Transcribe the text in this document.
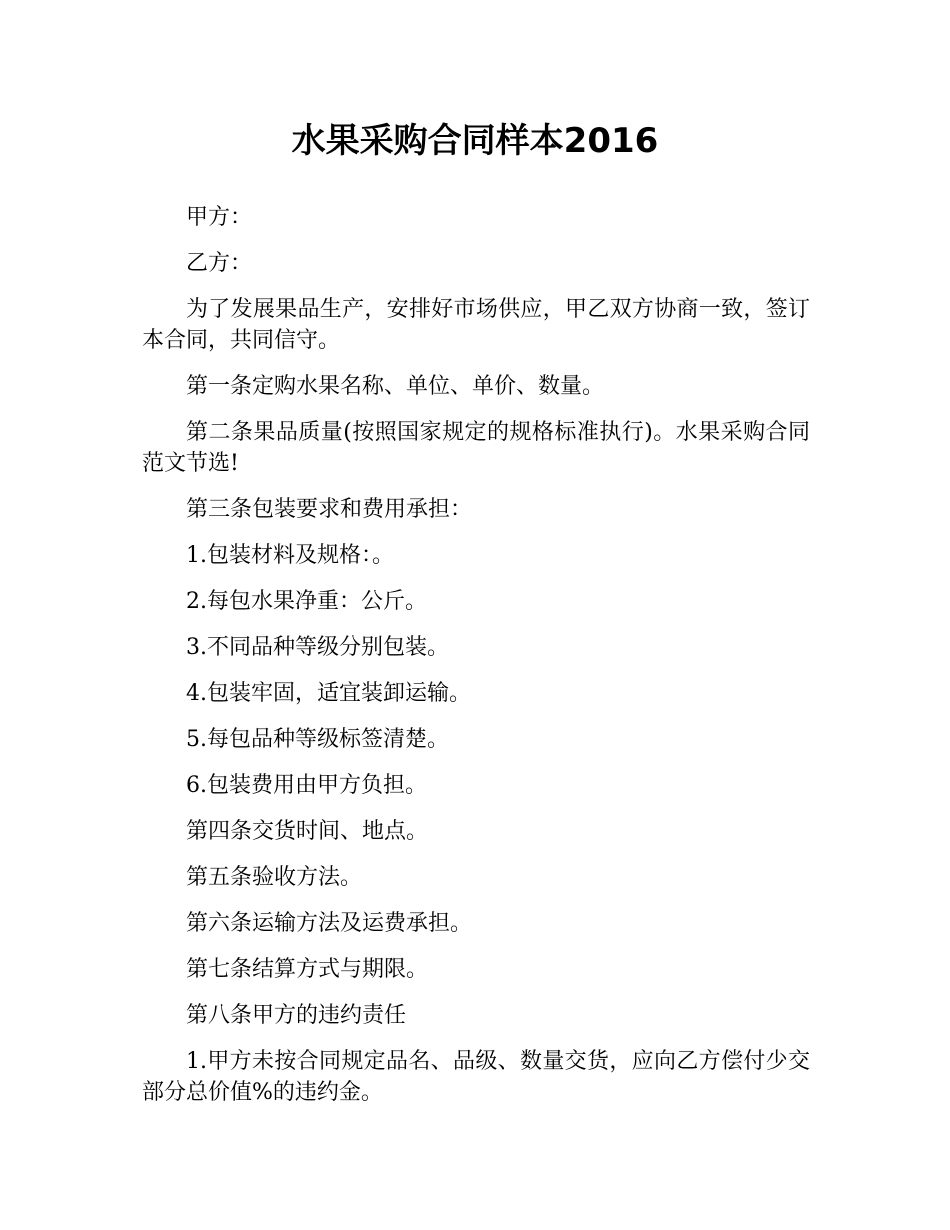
水果采购合同样本2016

甲方：

乙方：

为了发展果品生产，安排好市场供应，甲乙双方协商一致，签订本合同，共同信守。

第一条定购水果名称、单位、单价、数量。

第二条果品质量(按照国家规定的规格标准执行)。水果采购合同范文节选!

第三条包装要求和费用承担：

1.包装材料及规格：。

2.每包水果净重：公斤。

3.不同品种等级分别包装。

4.包装牢固，适宜装卸运输。

5.每包品种等级标签清楚。

6.包装费用由甲方负担。

第四条交货时间、地点。

第五条验收方法。

第六条运输方法及运费承担。

第七条结算方式与期限。

第八条甲方的违约责任

1.甲方未按合同规定品名、品级、数量交货，应向乙方偿付少交部分总价值%的违约金。
